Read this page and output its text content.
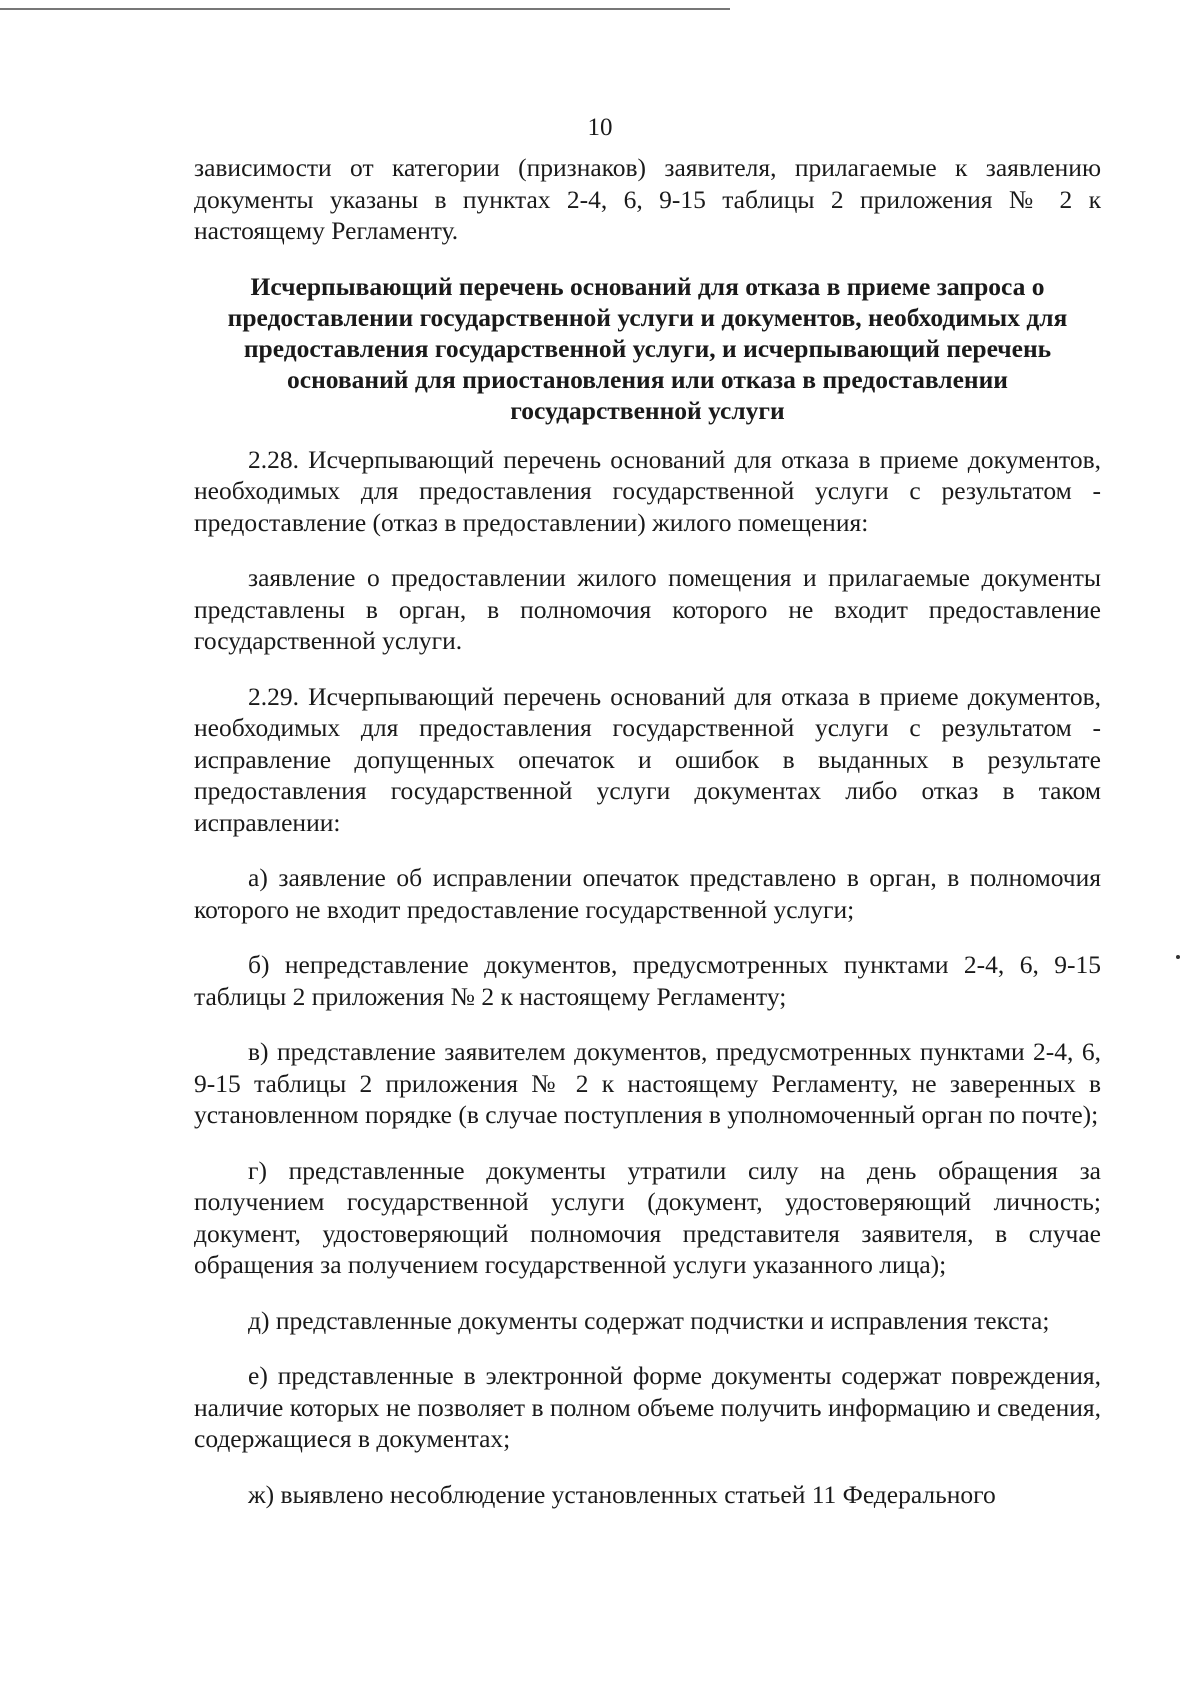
10

зависимости от категории (признаков) заявителя, прилагаемые к заявлению документы указаны в пунктах 2-4, 6, 9-15 таблицы 2 приложения № 2 к настоящему Регламенту.

Исчерпывающий перечень оснований для отказа в приеме запроса о предоставлении государственной услуги и документов, необходимых для предоставления государственной услуги, и исчерпывающий перечень оснований для приостановления или отказа в предоставлении государственной услуги

2.28. Исчерпывающий перечень оснований для отказа в приеме документов, необходимых для предоставления государственной услуги с результатом - предоставление (отказ в предоставлении) жилого помещения:

заявление о предоставлении жилого помещения и прилагаемые документы представлены в орган, в полномочия которого не входит предоставление государственной услуги.

2.29. Исчерпывающий перечень оснований для отказа в приеме документов, необходимых для предоставления государственной услуги с результатом - исправление допущенных опечаток и ошибок в выданных в результате предоставления государственной услуги документах либо отказ в таком исправлении:

а) заявление об исправлении опечаток представлено в орган, в полномочия которого не входит предоставление государственной услуги;

б) непредставление документов, предусмотренных пунктами 2-4, 6, 9-15 таблицы 2 приложения № 2 к настоящему Регламенту;

в) представление заявителем документов, предусмотренных пунктами 2-4, 6, 9-15 таблицы 2 приложения № 2 к настоящему Регламенту, не заверенных в установленном порядке (в случае поступления в уполномоченный орган по почте);

г) представленные документы утратили силу на день обращения за получением государственной услуги (документ, удостоверяющий личность; документ, удостоверяющий полномочия представителя заявителя, в случае обращения за получением государственной услуги указанного лица);

д) представленные документы содержат подчистки и исправления текста;

е) представленные в электронной форме документы содержат повреждения, наличие которых не позволяет в полном объеме получить информацию и сведения, содержащиеся в документах;

ж) выявлено несоблюдение установленных статьей 11 Федерального
